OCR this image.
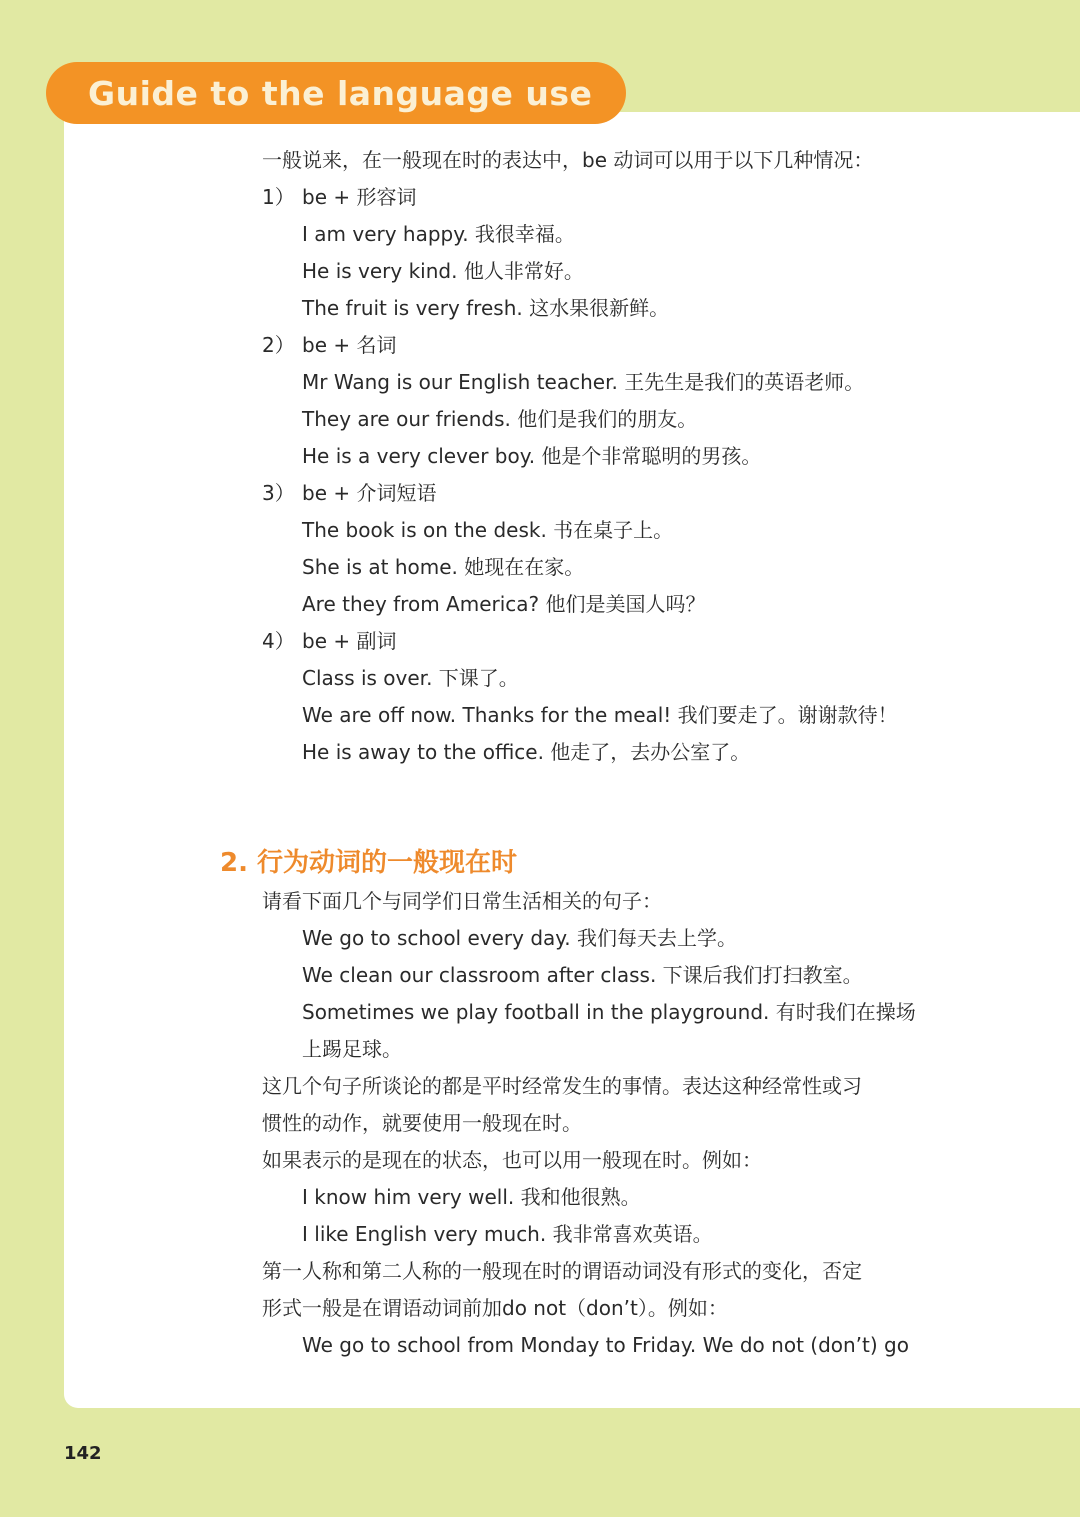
Guide to the language use
一般说来，在一般现在时的表达中，be 动词可以用于以下几种情况：
1） be + 形容词
I am very happy. 我很幸福。
He is very kind. 他人非常好。
The fruit is very fresh. 这水果很新鲜。
2） be + 名词
Mr Wang is our English teacher. 王先生是我们的英语老师。
They are our friends. 他们是我们的朋友。
He is a very clever boy. 他是个非常聪明的男孩。
3） be + 介词短语
The book is on the desk. 书在桌子上。
She is at home. 她现在在家。
Are they from America? 他们是美国人吗？
4） be + 副词
Class is over. 下课了。
We are off now. Thanks for the meal! 我们要走了。谢谢款待！
He is away to the office. 他走了，去办公室了。
2. 行为动词的一般现在时
请看下面几个与同学们日常生活相关的句子：
We go to school every day. 我们每天去上学。
We clean our classroom after class. 下课后我们打扫教室。
Sometimes we play football in the playground. 有时我们在操场
上踢足球。
这几个句子所谈论的都是平时经常发生的事情。表达这种经常性或习
惯性的动作，就要使用一般现在时。
如果表示的是现在的状态，也可以用一般现在时。例如：
I know him very well. 我和他很熟。
I like English very much. 我非常喜欢英语。
第一人称和第二人称的一般现在时的谓语动词没有形式的变化，否定
形式一般是在谓语动词前加do not（don’t）。例如：
We go to school from Monday to Friday. We do not (don’t) go
142
